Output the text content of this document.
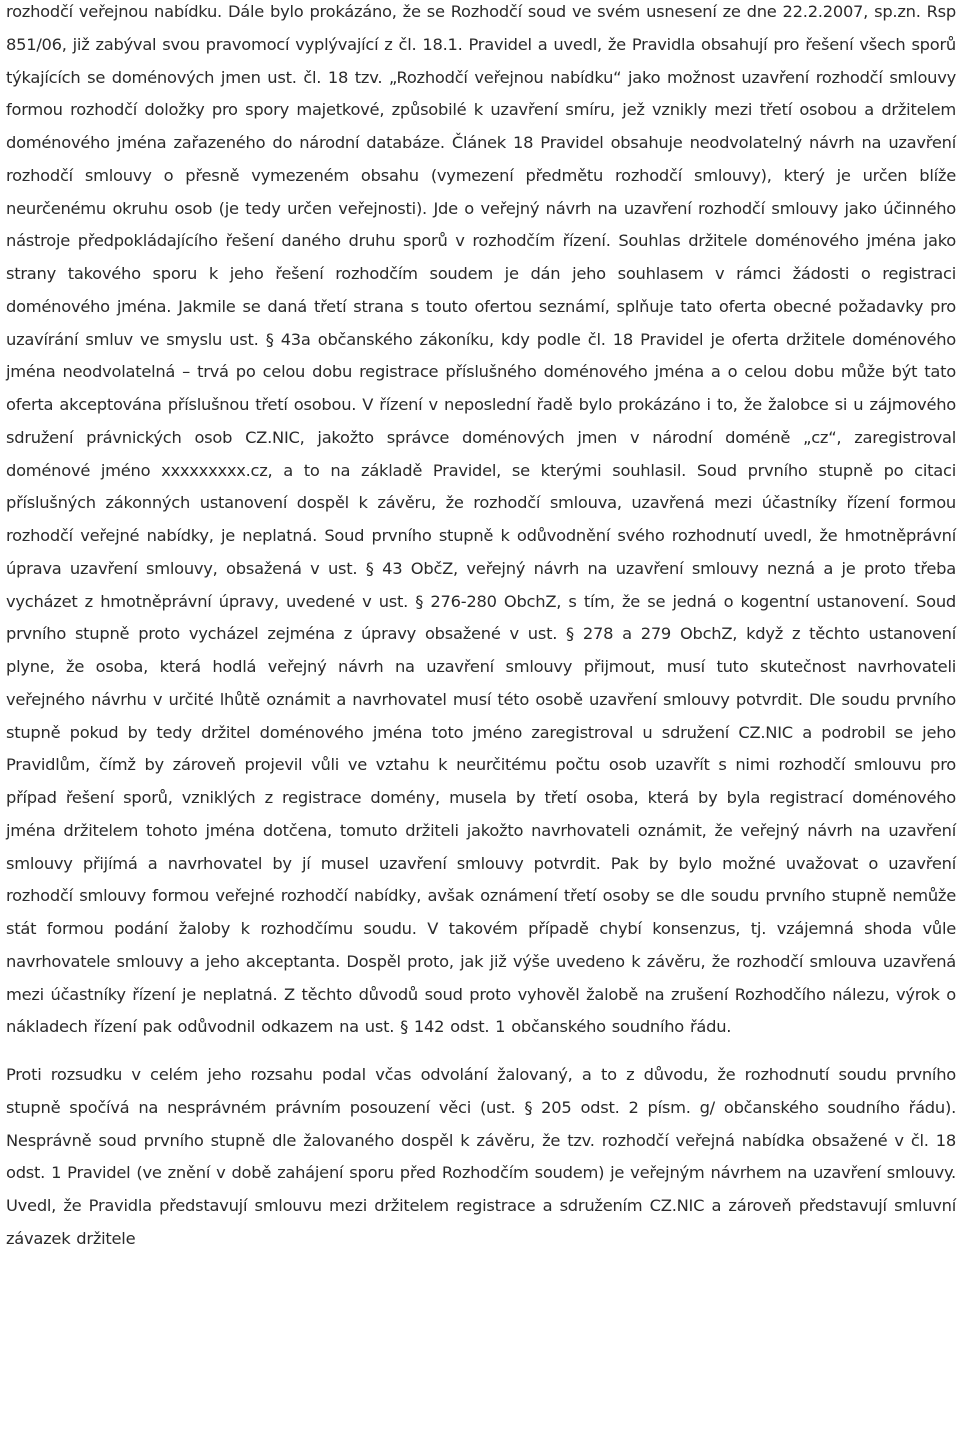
rozhodčí veřejnou nabídku. Dále bylo prokázáno, že se Rozhodčí soud ve svém usnesení ze dne 22.2.2007, sp.zn. Rsp 851/06, již zabýval svou pravomocí vyplývající z čl. 18.1. Pravidel a uvedl, že Pravidla obsahují pro řešení všech sporů týkajících se doménových jmen ust. čl. 18 tzv. „Rozhodčí veřejnou nabídku“ jako možnost uzavření rozhodčí smlouvy formou rozhodčí doložky pro spory majetkové, způsobilé k uzavření smíru, jež vznikly mezi třetí osobou a držitelem doménového jména zařazeného do národní databáze. Článek 18 Pravidel obsahuje neodvolatelný návrh na uzavření rozhodčí smlouvy o přesně vymezeném obsahu (vymezení předmětu rozhodčí smlouvy), který je určen blíže neurčenému okruhu osob (je tedy určen veřejnosti). Jde o veřejný návrh na uzavření rozhodčí smlouvy jako účinného nástroje předpokládajícího řešení daného druhu sporů v rozhodčím řízení. Souhlas držitele doménového jména jako strany takového sporu k jeho řešení rozhodčím soudem je dán jeho souhlasem v rámci žádosti o registraci doménového jména. Jakmile se daná třetí strana s touto ofertou seznámí, splňuje tato oferta obecné požadavky pro uzavírání smluv ve smyslu ust. § 43a občanského zákoníku, kdy podle čl. 18 Pravidel je oferta držitele doménového jména neodvolatelná – trvá po celou dobu registrace příslušného doménového jména a o celou dobu může být tato oferta akceptována příslušnou třetí osobou. V řízení v neposlední řadě bylo prokázáno i to, že žalobce si u zájmového sdružení právnických osob CZ.NIC, jakožto správce doménových jmen v národní doméně „cz“, zaregistroval doménové jméno xxxxxxxxx.cz, a to na základě Pravidel, se kterými souhlasil. Soud prvního stupně po citaci příslušných zákonných ustanovení dospěl k závěru, že rozhodčí smlouva, uzavřená mezi účastníky řízení formou rozhodčí veřejné nabídky, je neplatná. Soud prvního stupně k odůvodnění svého rozhodnutí uvedl, že hmotněprávní úprava uzavření smlouvy, obsažená v ust. § 43 ObčZ, veřejný návrh na uzavření smlouvy nezná a je proto třeba vycházet z hmotněprávní úpravy, uvedené v ust. § 276-280 ObchZ, s tím, že se jedná o kogentní ustanovení. Soud prvního stupně proto vycházel zejména z úpravy obsažené v ust. § 278 a 279 ObchZ, když z těchto ustanovení plyne, že osoba, která hodlá veřejný návrh na uzavření smlouvy přijmout, musí tuto skutečnost navrhovateli veřejného návrhu v určité lhůtě oznámit a navrhovatel musí této osobě uzavření smlouvy potvrdit. Dle soudu prvního stupně pokud by tedy držitel doménového jména toto jméno zaregistroval u sdružení CZ.NIC a podrobil se jeho Pravidlům, čímž by zároveň projevil vůli ve vztahu k neurčitému počtu osob uzavřít s nimi rozhodčí smlouvu pro případ řešení sporů, vzniklých z registrace domény, musela by třetí osoba, která by byla registrací doménového jména držitelem tohoto jména dotčena, tomuto držiteli jakožto navrhovateli oznámit, že veřejný návrh na uzavření smlouvy přijímá a navrhovatel by jí musel uzavření smlouvy potvrdit. Pak by bylo možné uvažovat o uzavření rozhodčí smlouvy formou veřejné rozhodčí nabídky, avšak oznámení třetí osoby se dle soudu prvního stupně nemůže stát formou podání žaloby k rozhodčímu soudu. V takovém případě chybí konsenzus, tj. vzájemná shoda vůle navrhovatele smlouvy a jeho akceptanta. Dospěl proto, jak již výše uvedeno k závěru, že rozhodčí smlouva uzavřená mezi účastníky řízení je neplatná. Z těchto důvodů soud proto vyhověl žalobě na zrušení Rozhodčího nálezu, výrok o nákladech řízení pak odůvodnil odkazem na ust. § 142 odst. 1 občanského soudního řádu.

Proti rozsudku v celém jeho rozsahu podal včas odvolání žalovaný, a to z důvodu, že rozhodnutí soudu prvního stupně spočívá na nesprávném právním posouzení věci (ust. § 205 odst. 2 písm. g/ občanského soudního řádu). Nesprávně soud prvního stupně dle žalovaného dospěl k závěru, že tzv. rozhodčí veřejná nabídka obsažené v čl. 18 odst. 1 Pravidel (ve znění v době zahájení sporu před Rozhodčím soudem) je veřejným návrhem na uzavření smlouvy. Uvedl, že Pravidla představují smlouvu mezi držitelem registrace a sdružením CZ.NIC a zároveň představují smluvní závazek držitele
